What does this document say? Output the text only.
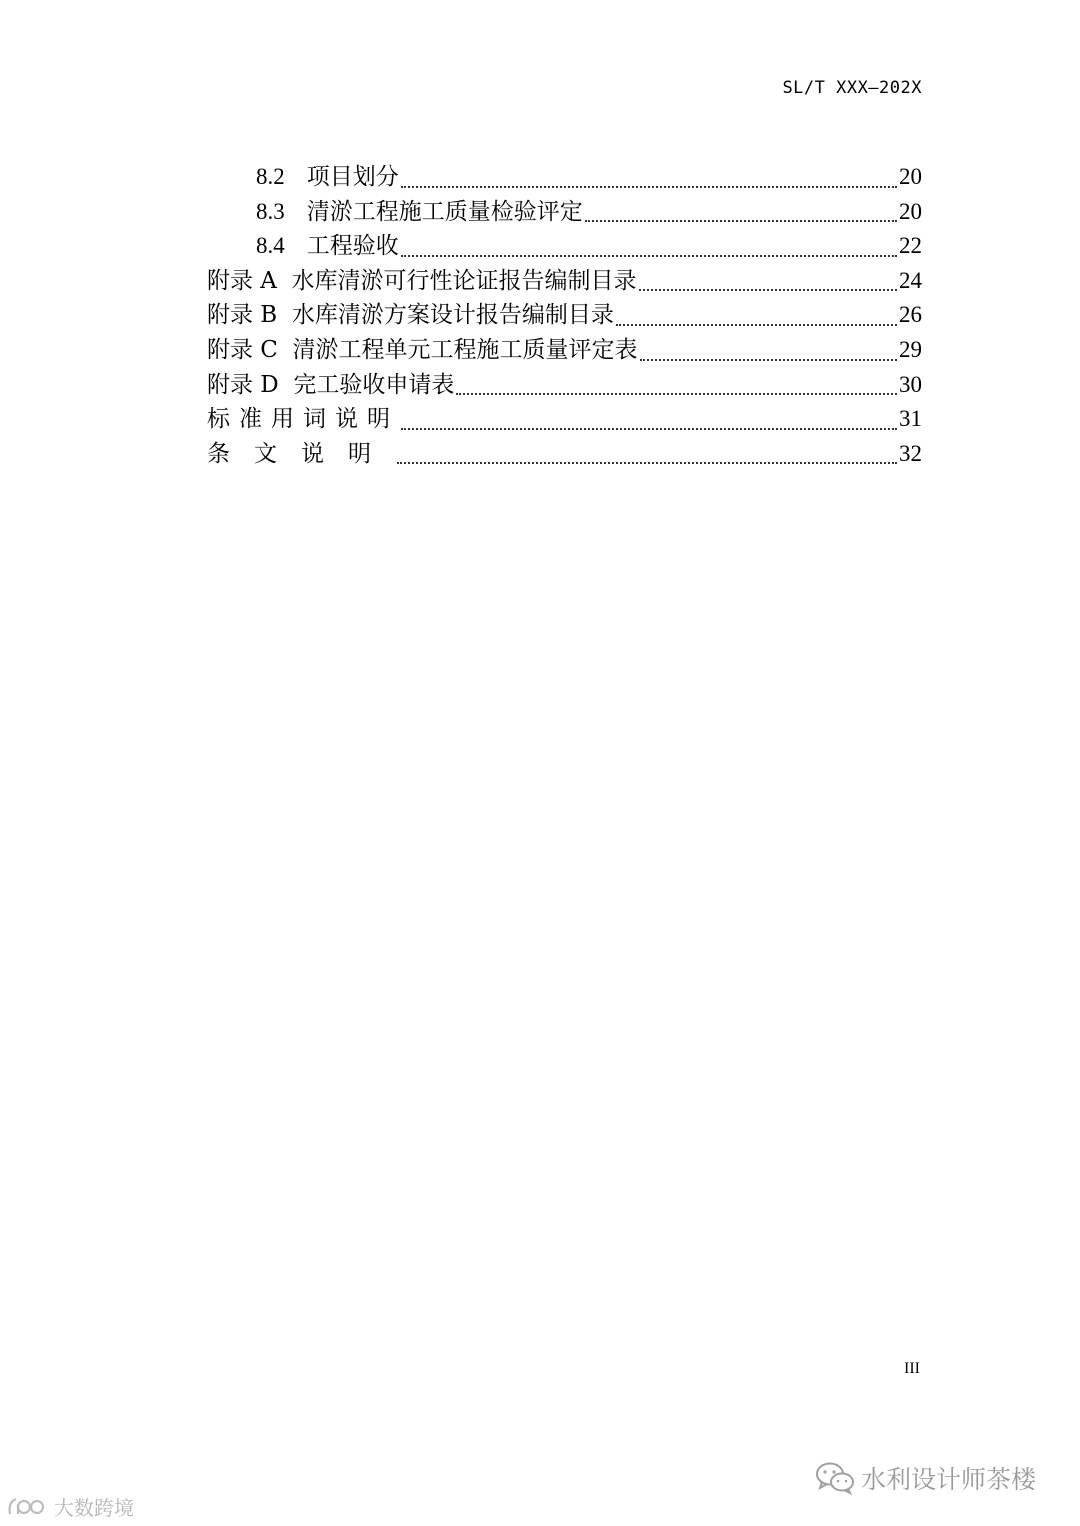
SL/T XXX—202X
8.2 项目划分	20
8.3 清淤工程施工质量检验评定	20
8.4 工程验收	22
附录 A  水库清淤可行性论证报告编制目录	24
附录 B  水库清淤方案设计报告编制目录	26
附录 C  清淤工程单元工程施工质量评定表	29
附录 D  完工验收申请表	30
标准用词说明	31
条文说明	32
III
水利设计师茶楼
大数跨境
